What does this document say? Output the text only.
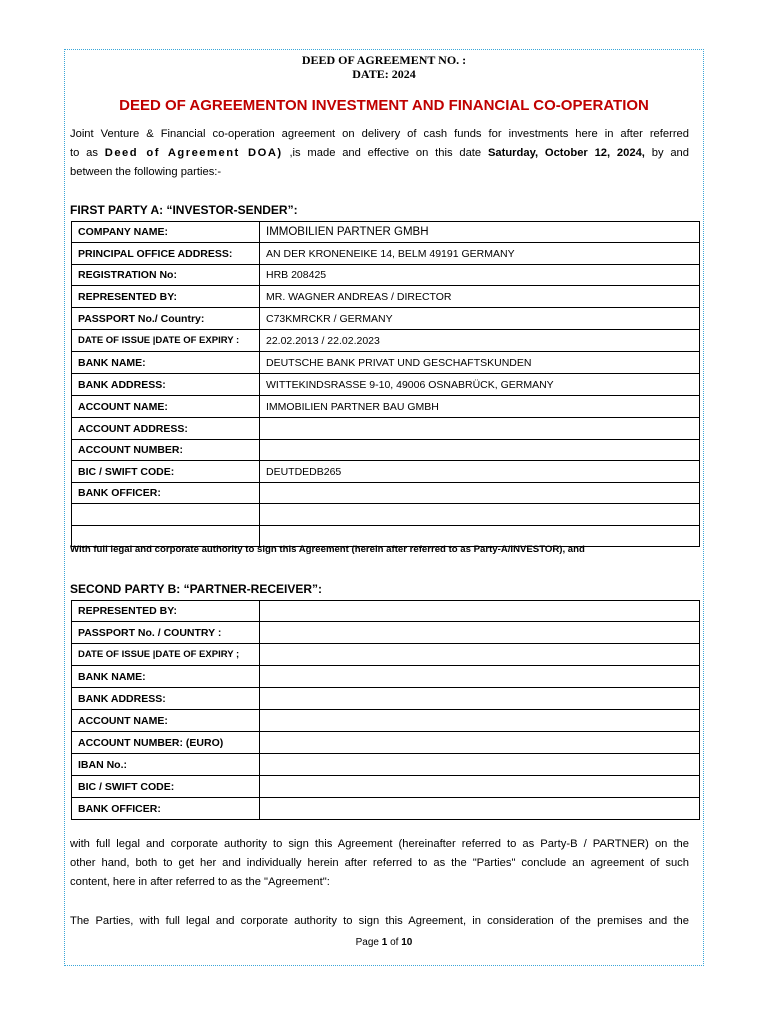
DEED OF AGREEMENT NO. :
DATE: 2024
DEED OF AGREEMENTON INVESTMENT AND FINANCIAL CO-OPERATION
Joint Venture & Financial co-operation agreement on delivery of cash funds for investments here in after referred
to as Deed of Agreement DOA) ,is made and effective on this date Saturday, October 12, 2024, by and
between the following parties:-
FIRST PARTY A: “INVESTOR-SENDER”:
COMPANY NAME:	IMMOBILIEN PARTNER GMBH
PRINCIPAL OFFICE ADDRESS:	AN DER KRONENEIKE 14, BELM 49191 GERMANY
REGISTRATION No:	HRB 208425
REPRESENTED BY:	MR. WAGNER ANDREAS / DIRECTOR
PASSPORT No./ Country:	C73KMRCKR / GERMANY
DATE OF ISSUE |DATE OF EXPIRY :	22.02.2013 / 22.02.2023
BANK NAME:	DEUTSCHE BANK PRIVAT UND GESCHAFTSKUNDEN
BANK ADDRESS:	WITTEKINDSRASSE 9-10, 49006 OSNABRÜCK, GERMANY
ACCOUNT NAME:	IMMOBILIEN PARTNER BAU GMBH
ACCOUNT ADDRESS:	
ACCOUNT NUMBER:	
BIC / SWIFT CODE:	DEUTDEDB265
BANK OFFICER:	

With full legal and corporate authority to sign this Agreement (herein after referred to as Party-A/INVESTOR), and
SECOND PARTY B: “PARTNER-RECEIVER”:
REPRESENTED BY:	
PASSPORT No. / COUNTRY :	
DATE OF ISSUE |DATE OF EXPIRY ;	
BANK NAME:	
BANK ADDRESS:	
ACCOUNT NAME:	
ACCOUNT NUMBER: (EURO)	
IBAN No.:	
BIC / SWIFT CODE:	
BANK OFFICER:	
with full legal and corporate authority to sign this Agreement (hereinafter referred to as Party-B / PARTNER) on the
other hand, both to get her and individually herein after referred to as the "Parties" conclude an agreement of such
content, here in after referred to as the "Agreement":
The Parties, with full legal and corporate authority to sign this Agreement, in consideration of the premises and the
Page 1 of 10
